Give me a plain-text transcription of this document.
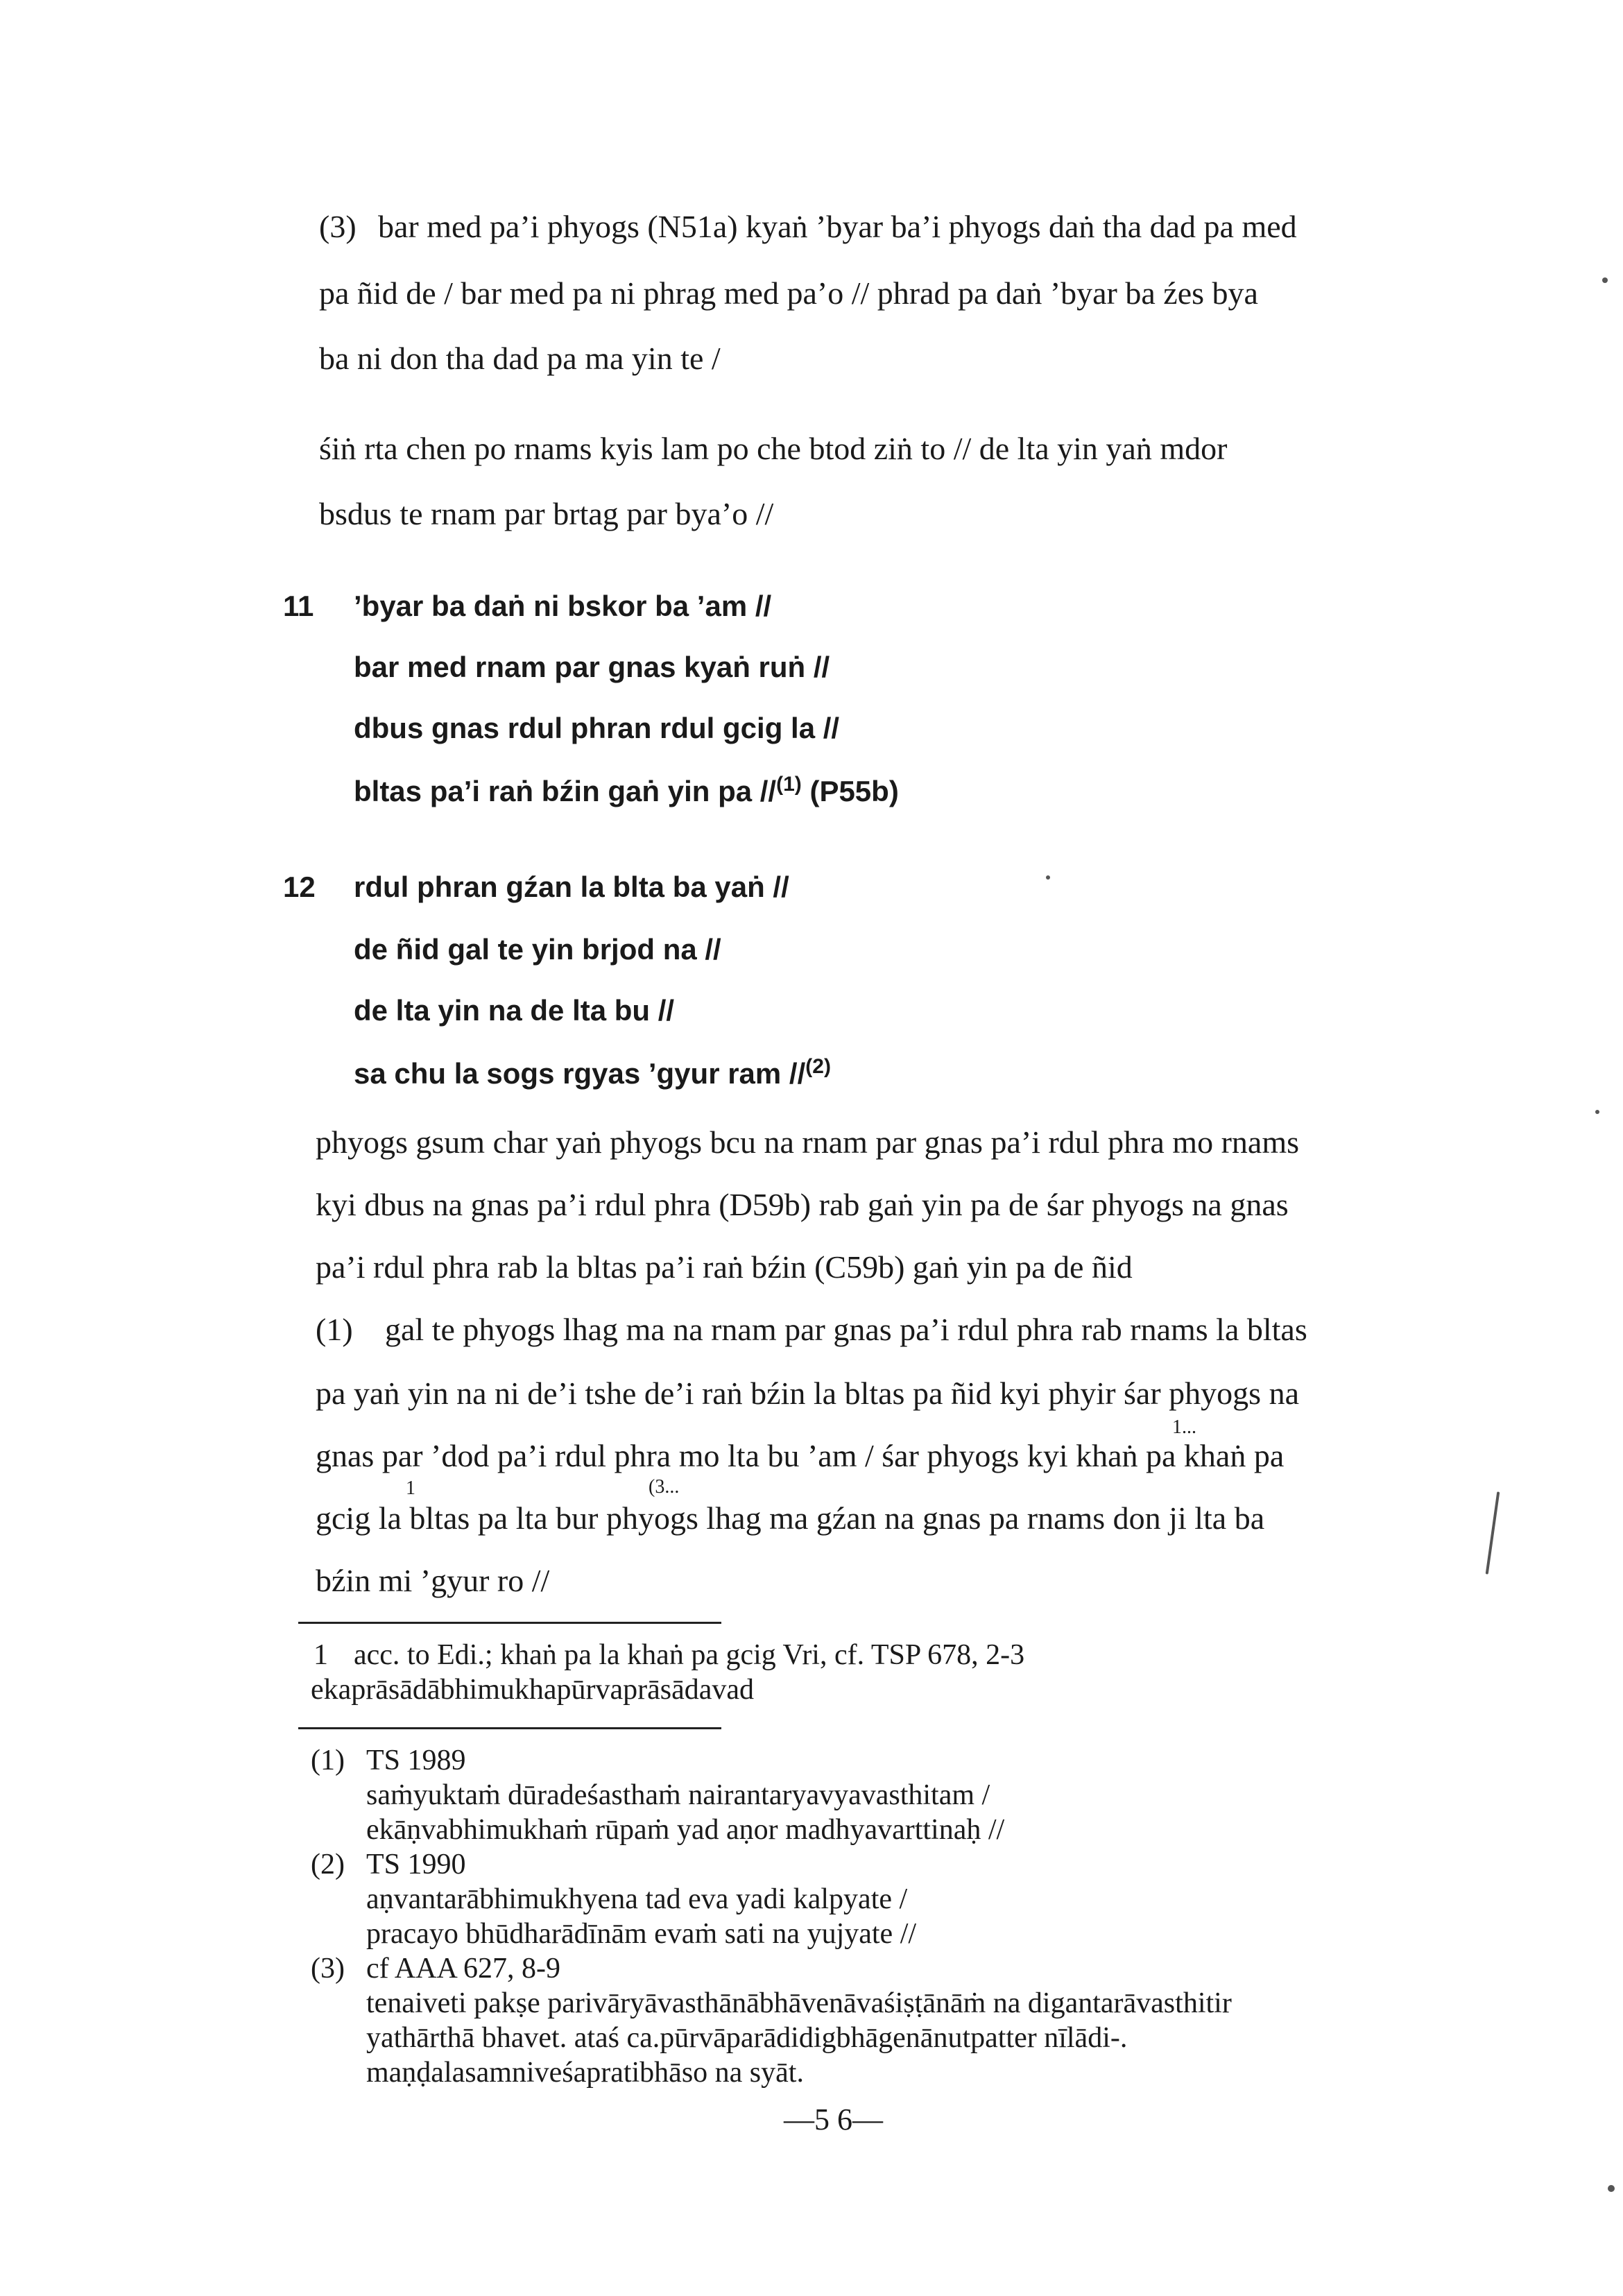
(3) bar med pa’i phyogs (N51a) kyaṅ ’byar ba’i phyogs daṅ tha dad pa med
pa ñid de / bar med pa ni phrag med pa’o // phrad pa daṅ ’byar ba źes bya
ba ni don tha dad pa ma yin te /
śiṅ rta chen po rnams kyis lam po che btod ziṅ to // de lta yin yaṅ mdor
bsdus te rnam par brtag par bya’o //
11 ’byar ba daṅ ni bskor ba ’am //
bar med rnam par gnas kyaṅ ruṅ //
dbus gnas rdul phran rdul gcig la //
bltas pa’i raṅ bźin gaṅ yin pa //$^{(1)}$ (P55b)
12 rdul phran gźan la blta ba yaṅ //
de ñid gal te yin brjod na //
de lta yin na de lta bu //
sa chu la sogs rgyas ’gyur ram //$^{(2)}$
phyogs gsum char yaṅ phyogs bcu na rnam par gnas pa’i rdul phra mo rnams
kyi dbus na gnas pa’i rdul phra (D59b) rab gaṅ yin pa de śar phyogs na gnas
pa’i rdul phra rab la bltas pa’i raṅ bźin (C59b) gaṅ yin pa de ñid
(1) gal te phyogs lhag ma na rnam par gnas pa’i rdul phra rab rnams la bltas
pa yaṅ yin na ni de’i tshe de’i raṅ bźin la bltas pa ñid kyi phyir śar phyogs na
1...
gnas par ’dod pa’i rdul phra mo lta bu ’am / śar phyogs kyi khaṅ pa khaṅ pa
1	(3...
gcig la bltas pa lta bur phyogs lhag ma gźan na gnas pa rnams don ji lta ba
bźin mi ’gyur ro //
1 acc. to Edi.; khaṅ pa la khaṅ pa gcig Vri, cf. TSP 678, 2-3
ekaprāsādābhimukhapūrvaprāsādavad
(1) TS 1989
saṁyuktaṁ dūradeśasthaṁ nairantaryavyavasthitam /
ekāṇvabhimukhaṁ rūpaṁ yad aṇor madhyavarttinaḥ //
(2) TS 1990
aṇvantarābhimukhyena tad eva yadi kalpyate /
pracayo bhūdharādīnām evaṁ sati na yujyate //
(3) cf AAA 627, 8-9
tenaiveti pakṣe parivāryāvasthānābhāvenāvaśiṣṭānāṁ na digantarāvasthitir
yathārthā bhavet. ataś ca.pūrvāparādidigbhāgenānutpatter nīlādi-.
maṇḍalasamniveśapratibhāso na syāt.
—5 6—
